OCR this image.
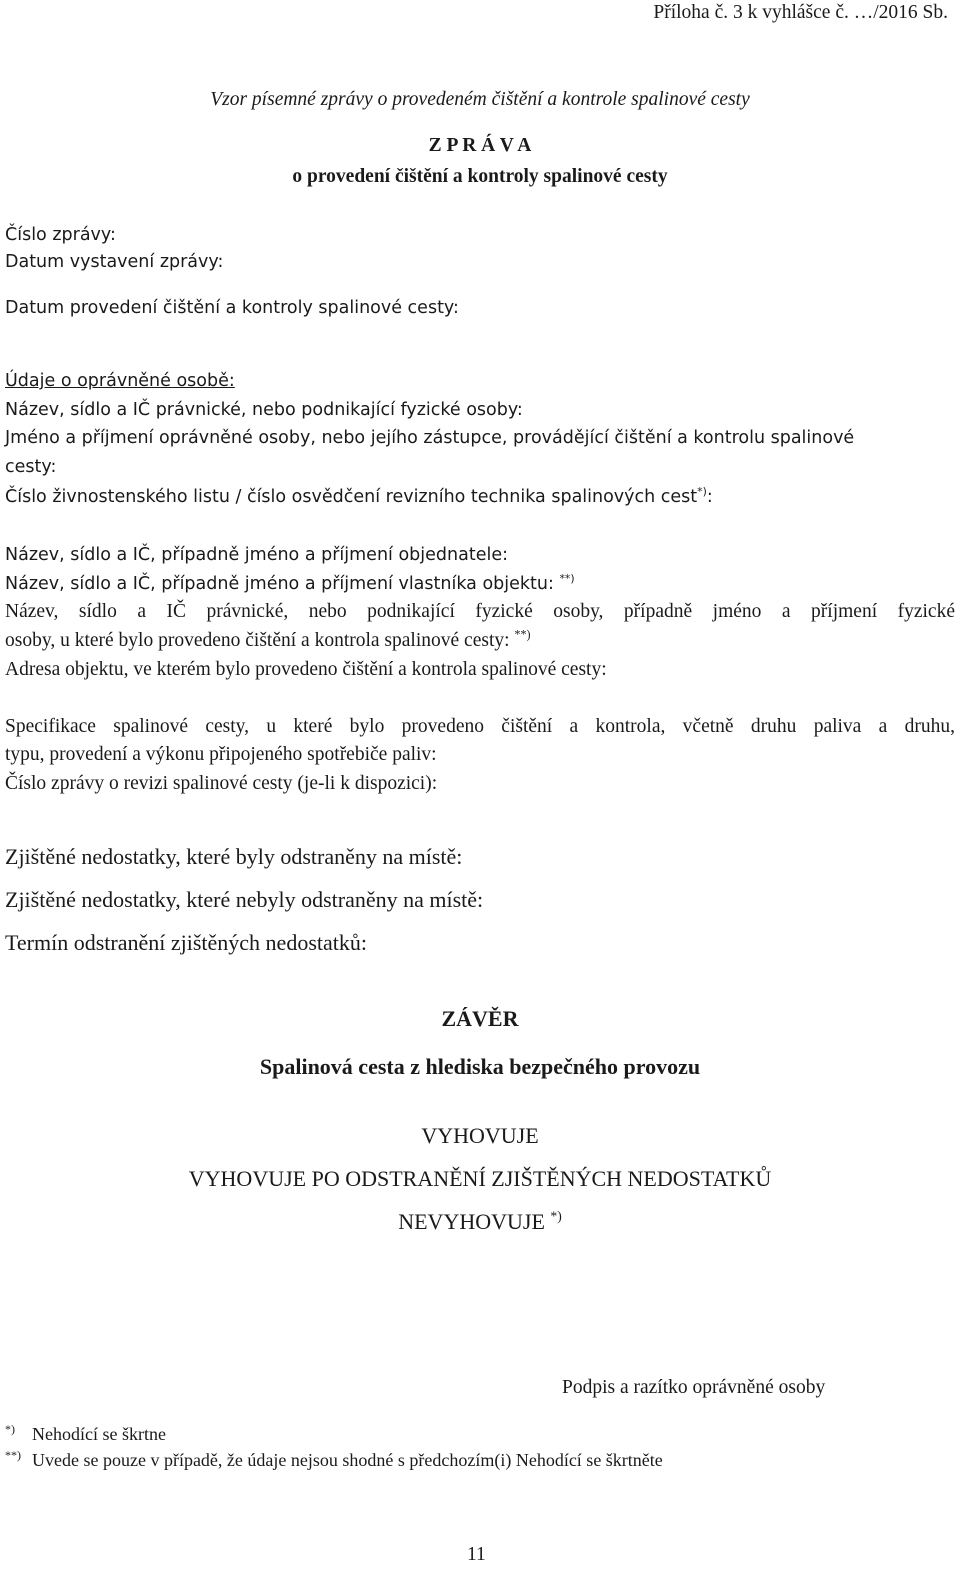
Příloha č. 3 k vyhlášce č. …/2016 Sb.
Vzor písemné zprávy o provedeném čištění a kontrole spalinové cesty
Z P R Á V A
o provedení čištění a kontroly spalinové cesty
Číslo zprávy:
Datum vystavení zprávy:
Datum provedení čištění a kontroly spalinové cesty:
Údaje o oprávněné osobě:
Název, sídlo a IČ právnické, nebo podnikající fyzické osoby:
Jméno a příjmení oprávněné osoby, nebo jejího zástupce, provádějící čištění a kontrolu spalinové
cesty:
Číslo živnostenského listu / číslo osvědčení revizního technika spalinových cest*):
Název, sídlo a IČ, případně jméno a příjmení objednatele:
Název, sídlo a IČ, případně jméno a příjmení vlastníka objektu: **)
Název, sídlo a IČ právnické, nebo podnikající fyzické osoby, případně jméno a příjmení fyzické
osoby, u které bylo provedeno čištění a kontrola spalinové cesty: **)
Adresa objektu, ve kterém bylo provedeno čištění a kontrola spalinové cesty:
Specifikace spalinové cesty, u které bylo provedeno čištění a kontrola, včetně druhu paliva a druhu,
typu, provedení a výkonu připojeného spotřebiče paliv:
Číslo zprávy o revizi spalinové cesty (je-li k dispozici):
Zjištěné nedostatky, které byly odstraněny na místě:
Zjištěné nedostatky, které nebyly odstraněny na místě:
Termín odstranění zjištěných nedostatků:
ZÁVĚR
Spalinová cesta z hlediska bezpečného provozu
VYHOVUJE
VYHOVUJE PO ODSTRANĚNÍ ZJIŠTĚNÝCH NEDOSTATKŮ
NEVYHOVUJE *)
Podpis a razítko oprávněné osoby
*) Nehodící se škrtne
**) Uvede se pouze v případě, že údaje nejsou shodné s předchozím(i) Nehodící se škrtněte
11
